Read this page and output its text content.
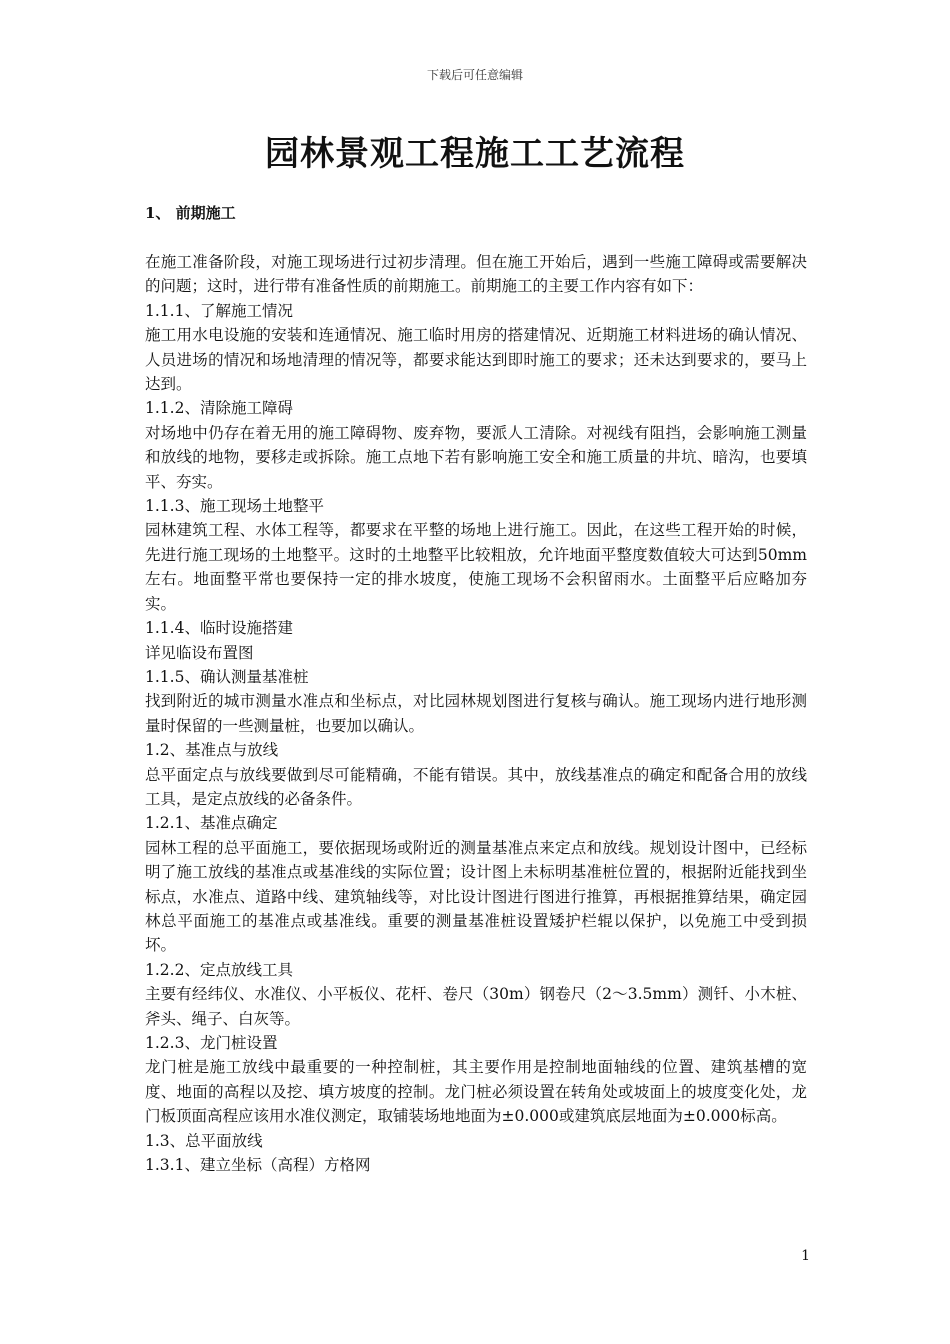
下载后可任意编辑
园林景观工程施工工艺流程
1、 前期施工

在施工准备阶段，对施工现场进行过初步清理。但在施工开始后，遇到一些施工障碍或需要解决的问题；这时，进行带有准备性质的前期施工。前期施工的主要工作内容有如下：

1.1.1、了解施工情况

施工用水电设施的安装和连通情况、施工临时用房的搭建情况、近期施工材料进场的确认情况、人员进场的情况和场地清理的情况等，都要求能达到即时施工的要求；还未达到要求的，要马上达到。

1.1.2、清除施工障碍

对场地中仍存在着无用的施工障碍物、废弃物，要派人工清除。对视线有阻挡，会影响施工测量和放线的地物，要移走或拆除。施工点地下若有影响施工安全和施工质量的井坑、暗沟，也要填平、夯实。

1.1.3、施工现场土地整平

园林建筑工程、水体工程等，都要求在平整的场地上进行施工。因此，在这些工程开始的时候，先进行施工现场的土地整平。这时的土地整平比较粗放，允许地面平整度数值较大可达到50mm左右。地面整平常也要保持一定的排水坡度，使施工现场不会积留雨水。土面整平后应略加夯实。

1.1.4、临时设施搭建

详见临设布置图

1.1.5、确认测量基准桩

找到附近的城市测量水准点和坐标点，对比园林规划图进行复核与确认。施工现场内进行地形测量时保留的一些测量桩，也要加以确认。

1.2、基准点与放线

总平面定点与放线要做到尽可能精确，不能有错误。其中，放线基准点的确定和配备合用的放线工具，是定点放线的必备条件。

1.2.1、基准点确定

园林工程的总平面施工，要依据现场或附近的测量基准点来定点和放线。规划设计图中，已经标明了施工放线的基准点或基准线的实际位置；设计图上未标明基准桩位置的，根据附近能找到坐标点，水准点、道路中线、建筑轴线等，对比设计图进行图进行推算，再根据推算结果，确定园林总平面施工的基准点或基准线。重要的测量基准桩设置矮护栏辊以保护，以免施工中受到损坏。

1.2.2、定点放线工具

主要有经纬仪、水准仪、小平板仪、花杆、卷尺（30m）钢卷尺（2～3.5mm）测钎、小木桩、斧头、绳子、白灰等。

1.2.3、龙门桩设置

龙门桩是施工放线中最重要的一种控制桩，其主要作用是控制地面轴线的位置、建筑基槽的宽度、地面的高程以及挖、填方坡度的控制。龙门桩必须设置在转角处或坡面上的坡度变化处，龙门板顶面高程应该用水准仪测定，取铺装场地地面为±0.000或建筑底层地面为±0.000标高。

1.3、总平面放线

1.3.1、建立坐标（高程）方格网

1
